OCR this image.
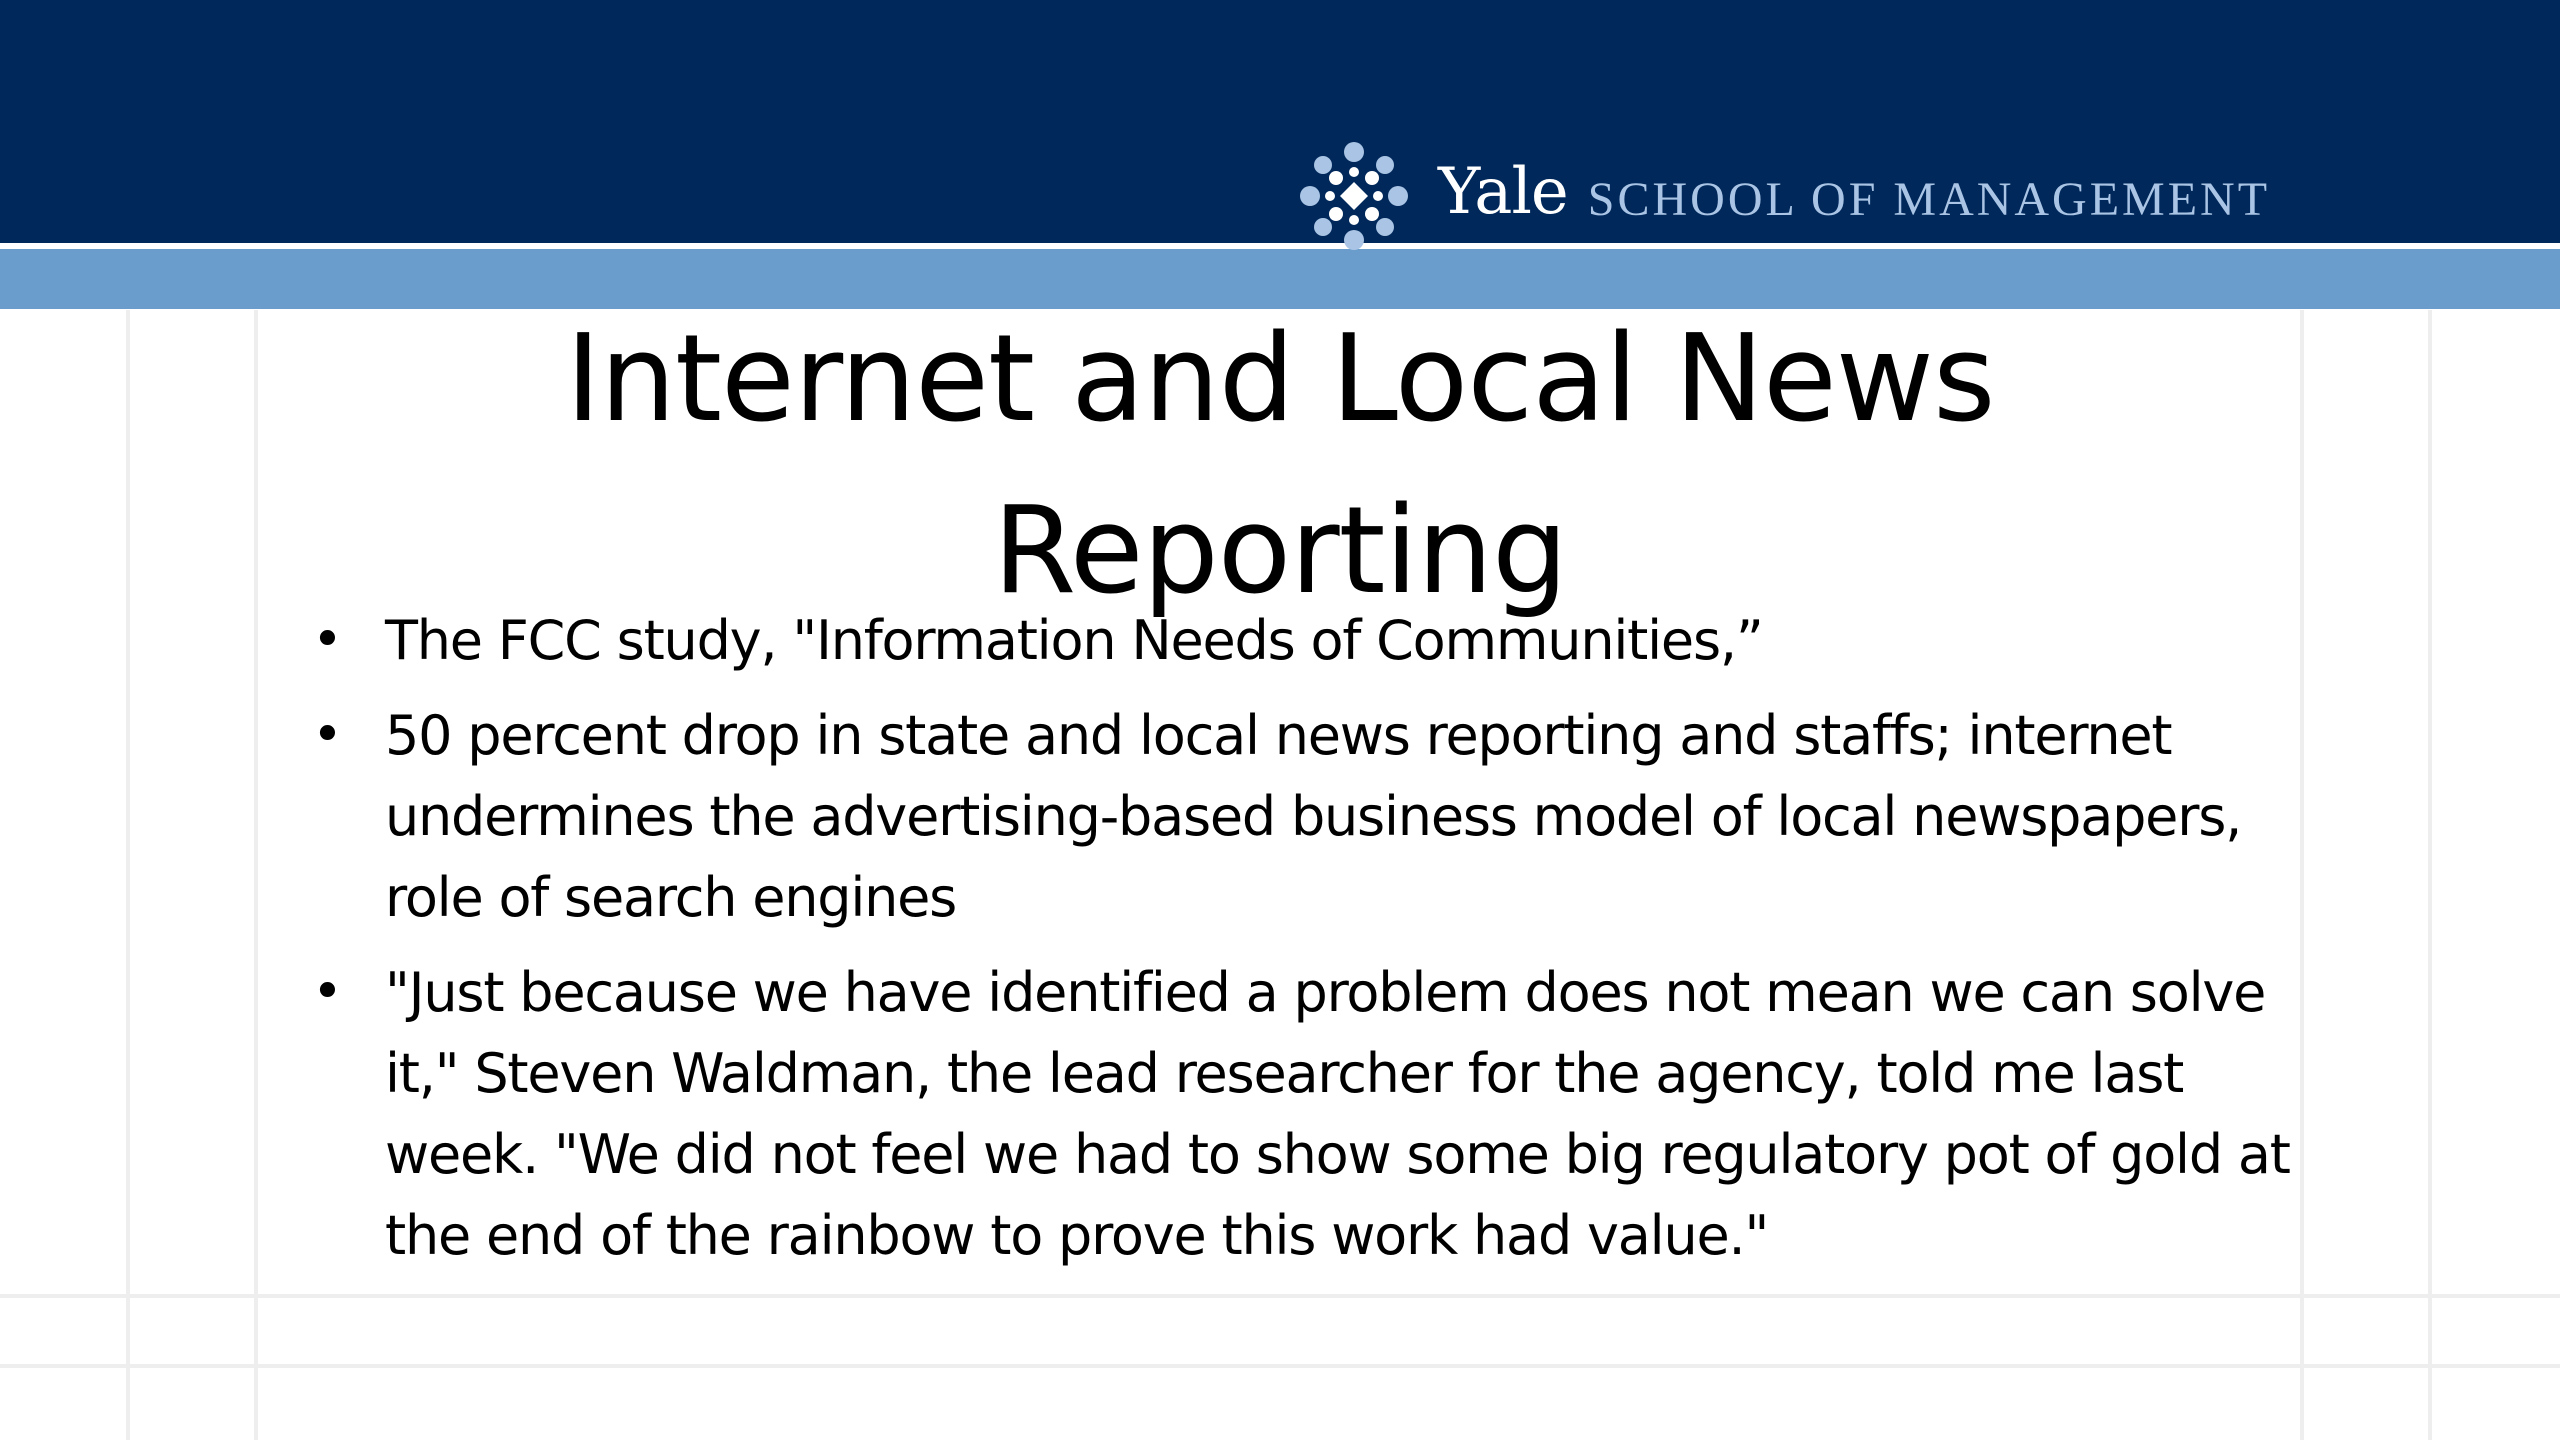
Yale SCHOOL OF MANAGEMENT
Internet and Local News
Reporting
• The FCC study, "Information Needs of Communities,”
• 50 percent drop in state and local news reporting and staffs; internet undermines the advertising-based business model of local newspapers, role of search engines
• "Just because we have identified a problem does not mean we can solve it," Steven Waldman, the lead researcher for the agency, told me last week. "We did not feel we had to show some big regulatory pot of gold at the end of the rainbow to prove this work had value."
